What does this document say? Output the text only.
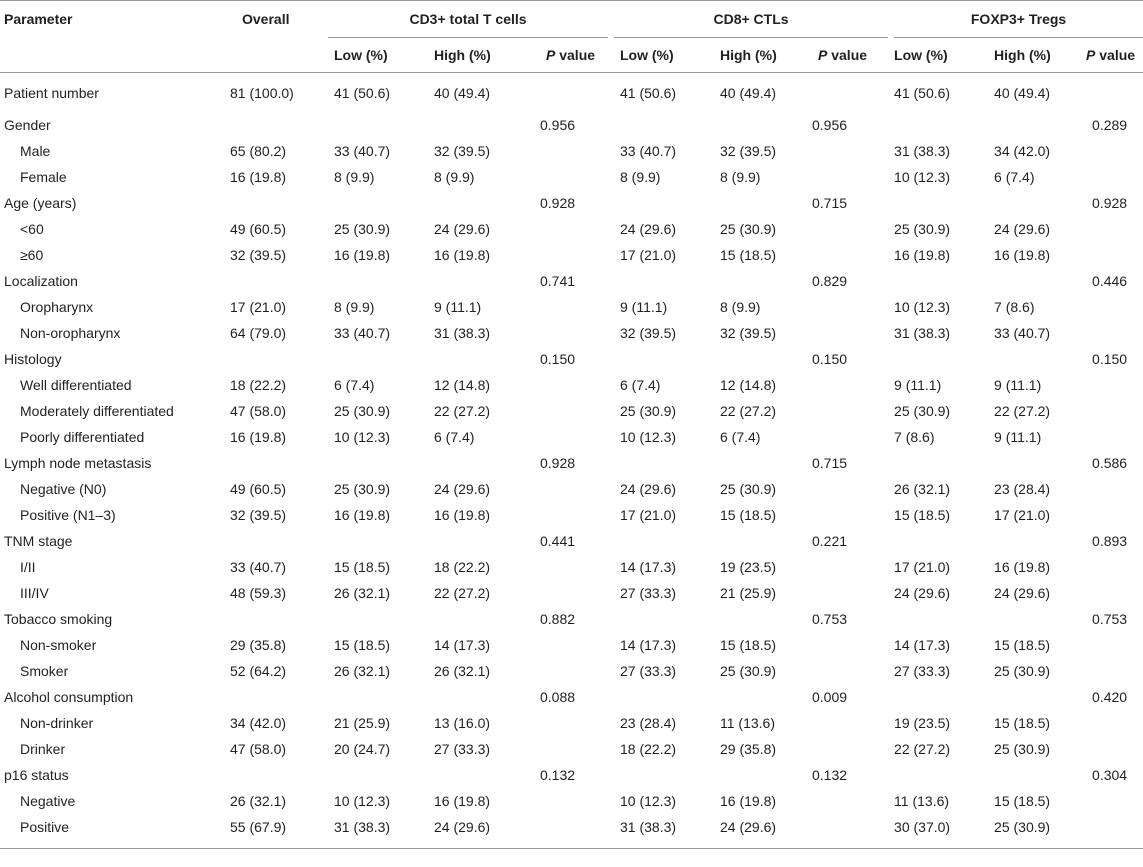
Parameter	Overall	CD3+ total T cells				CD8+ CTLs				FOXP3+ Tregs		
		Low (%)	High (%)	P value		Low (%)	High (%)	P value		Low (%)	High (%)	P value
Patient number	81 (100.0)	41 (50.6)	40 (49.4)			41 (50.6)	40 (49.4)			41 (50.6)	40 (49.4)	
Gender				0.956				0.956				0.289
Male	65 (80.2)	33 (40.7)	32 (39.5)			33 (40.7)	32 (39.5)			31 (38.3)	34 (42.0)	
Female	16 (19.8)	8 (9.9)	8 (9.9)			8 (9.9)	8 (9.9)			10 (12.3)	6 (7.4)	
Age (years)				0.928				0.715				0.928
<60	49 (60.5)	25 (30.9)	24 (29.6)			24 (29.6)	25 (30.9)			25 (30.9)	24 (29.6)	
≥60	32 (39.5)	16 (19.8)	16 (19.8)			17 (21.0)	15 (18.5)			16 (19.8)	16 (19.8)	
Localization				0.741				0.829				0.446
Oropharynx	17 (21.0)	8 (9.9)	9 (11.1)			9 (11.1)	8 (9.9)			10 (12.3)	7 (8.6)	
Non-oropharynx	64 (79.0)	33 (40.7)	31 (38.3)			32 (39.5)	32 (39.5)			31 (38.3)	33 (40.7)	
Histology				0.150				0.150				0.150
Well differentiated	18 (22.2)	6 (7.4)	12 (14.8)			6 (7.4)	12 (14.8)			9 (11.1)	9 (11.1)	
Moderately differentiated	47 (58.0)	25 (30.9)	22 (27.2)			25 (30.9)	22 (27.2)			25 (30.9)	22 (27.2)	
Poorly differentiated	16 (19.8)	10 (12.3)	6 (7.4)			10 (12.3)	6 (7.4)			7 (8.6)	9 (11.1)	
Lymph node metastasis				0.928				0.715				0.586
Negative (N0)	49 (60.5)	25 (30.9)	24 (29.6)			24 (29.6)	25 (30.9)			26 (32.1)	23 (28.4)	
Positive (N1–3)	32 (39.5)	16 (19.8)	16 (19.8)			17 (21.0)	15 (18.5)			15 (18.5)	17 (21.0)	
TNM stage				0.441				0.221				0.893
I/II	33 (40.7)	15 (18.5)	18 (22.2)			14 (17.3)	19 (23.5)			17 (21.0)	16 (19.8)	
III/IV	48 (59.3)	26 (32.1)	22 (27.2)			27 (33.3)	21 (25.9)			24 (29.6)	24 (29.6)	
Tobacco smoking				0.882				0.753				0.753
Non-smoker	29 (35.8)	15 (18.5)	14 (17.3)			14 (17.3)	15 (18.5)			14 (17.3)	15 (18.5)	
Smoker	52 (64.2)	26 (32.1)	26 (32.1)			27 (33.3)	25 (30.9)			27 (33.3)	25 (30.9)	
Alcohol consumption				0.088				0.009				0.420
Non-drinker	34 (42.0)	21 (25.9)	13 (16.0)			23 (28.4)	11 (13.6)			19 (23.5)	15 (18.5)	
Drinker	47 (58.0)	20 (24.7)	27 (33.3)			18 (22.2)	29 (35.8)			22 (27.2)	25 (30.9)	
p16 status				0.132				0.132				0.304
Negative	26 (32.1)	10 (12.3)	16 (19.8)			10 (12.3)	16 (19.8)			11 (13.6)	15 (18.5)	
Positive	55 (67.9)	31 (38.3)	24 (29.6)			31 (38.3)	24 (29.6)			30 (37.0)	25 (30.9)	
